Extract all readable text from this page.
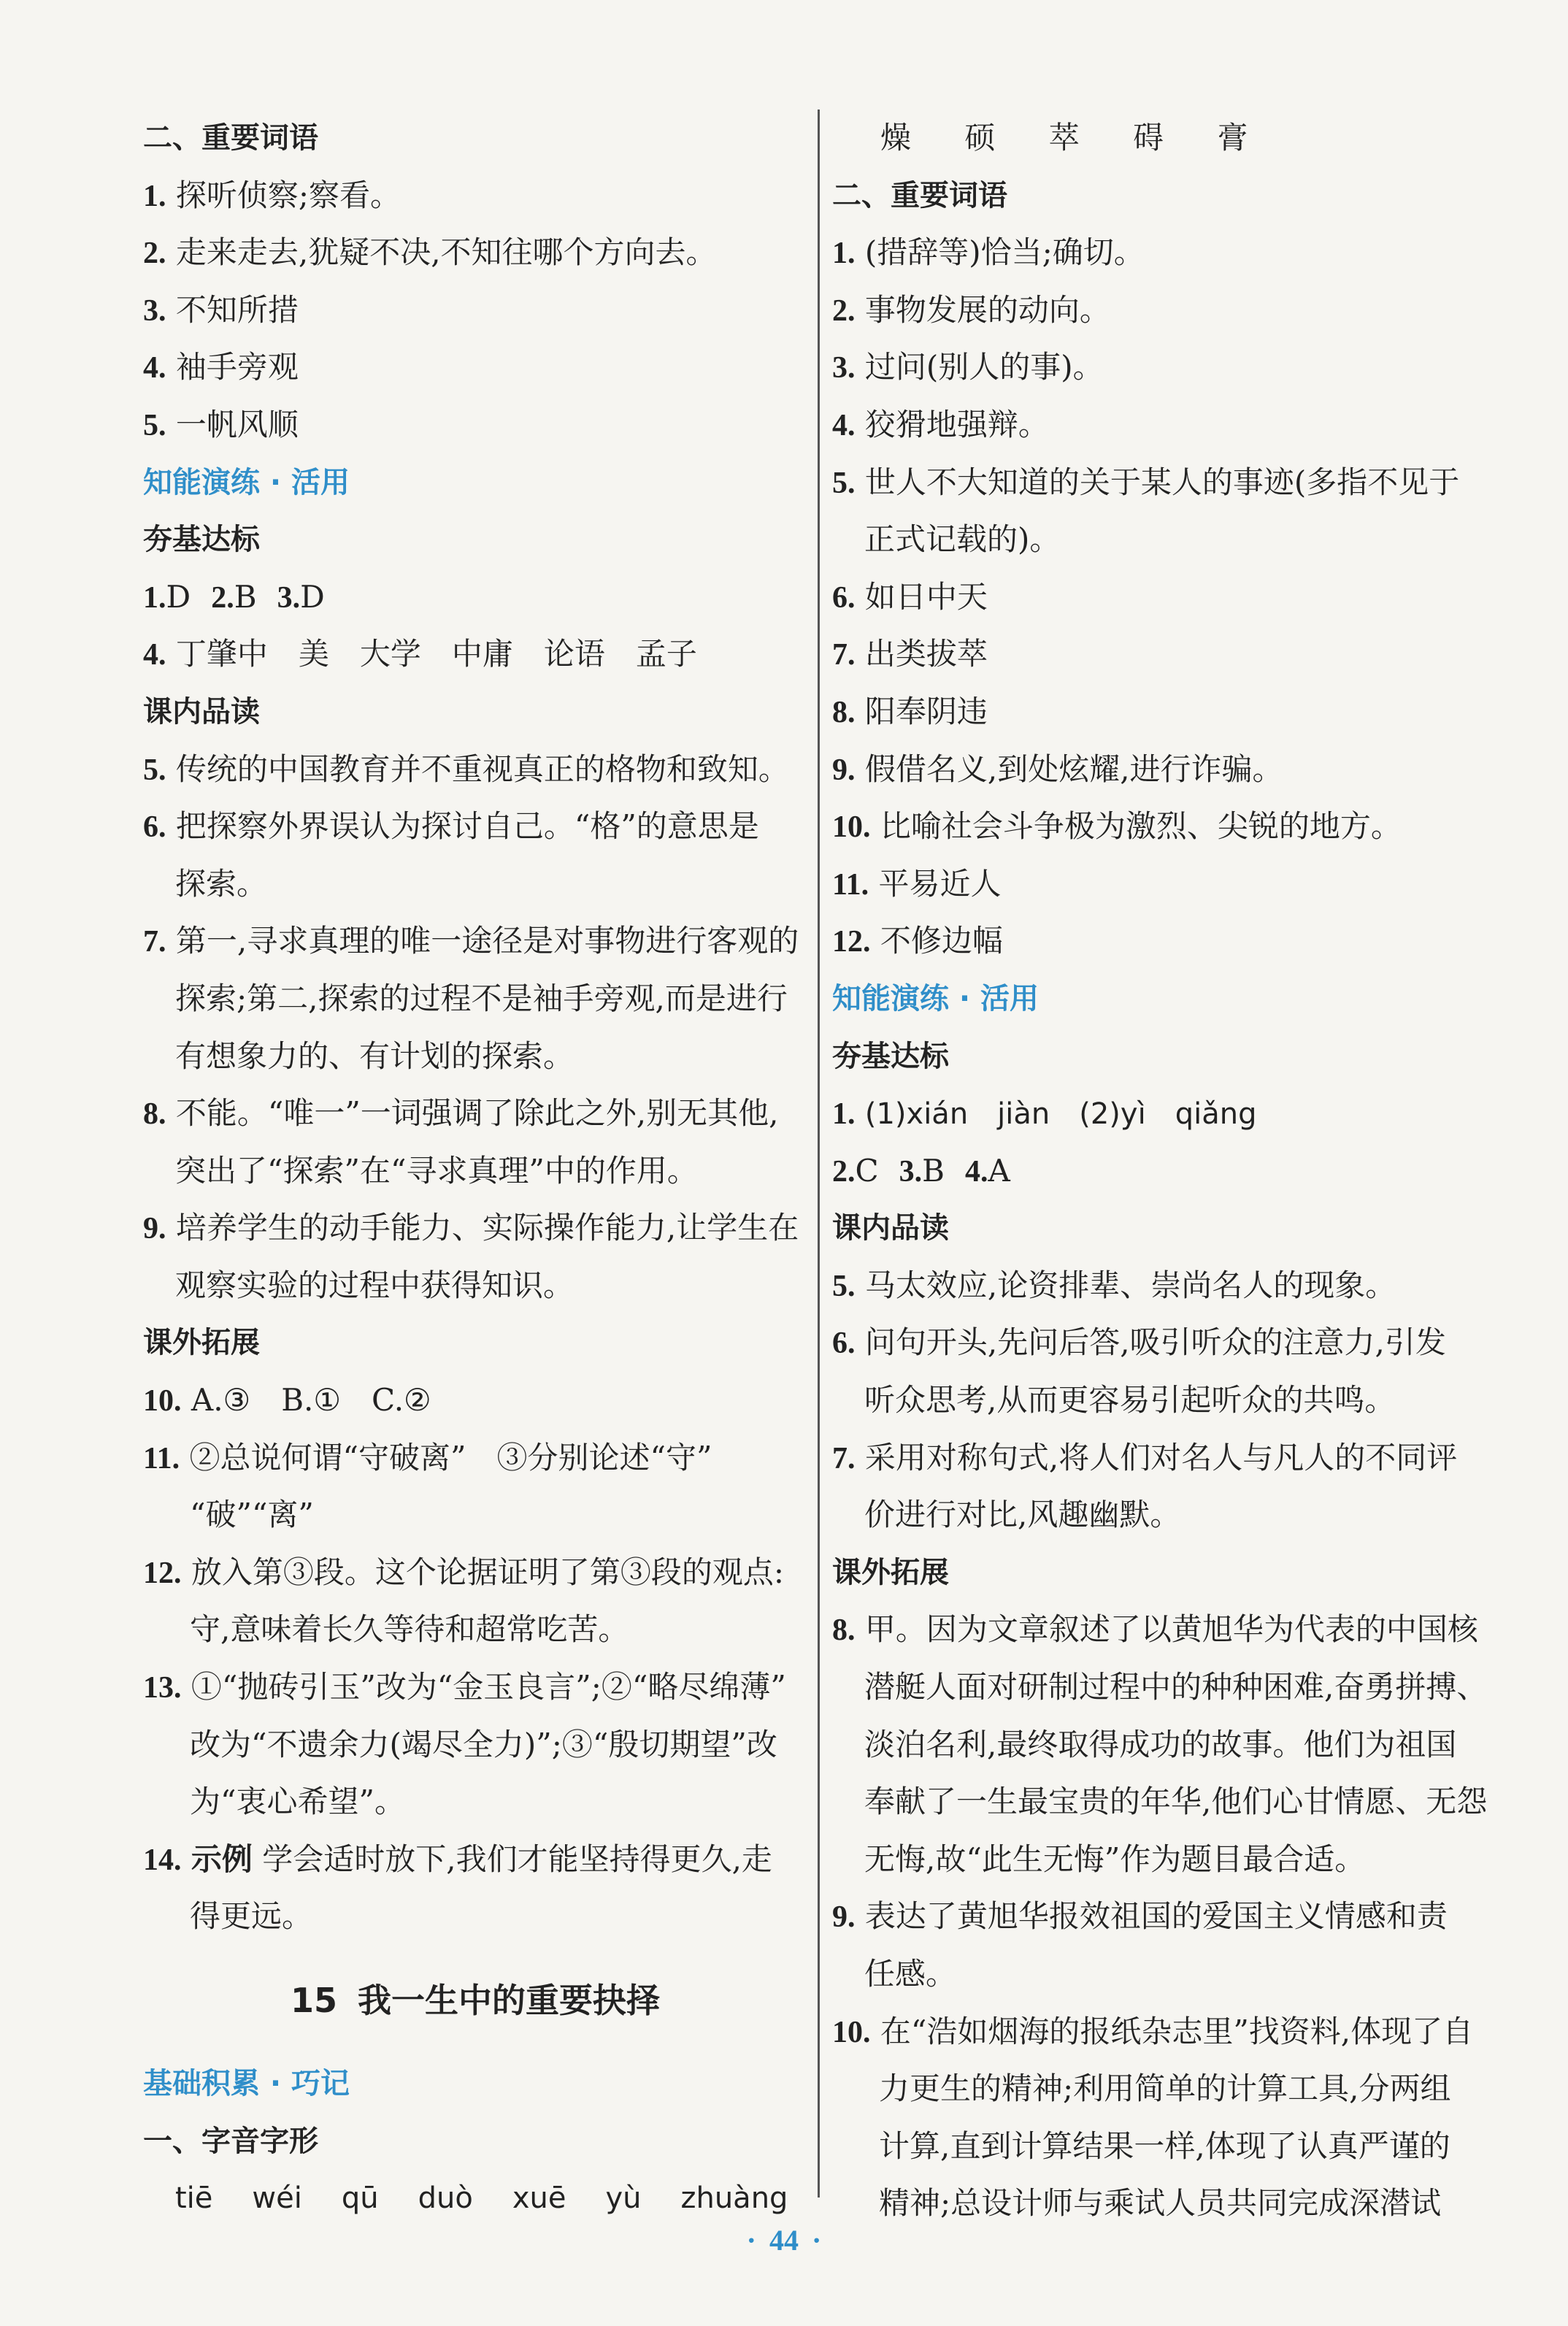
二、重要词语
1. 探听侦察;察看。
2. 走来走去,犹疑不决,不知往哪个方向去。
3. 不知所措
4. 袖手旁观
5. 一帆风顺
知能演练 · 活用
夯基达标
1.D 2.B 3.D
4. 丁肇中　美　大学　中庸　论语　孟子
课内品读
5. 传统的中国教育并不重视真正的格物和致知。
6. 把探察外界误认为探讨自己。“格”的意思是
探索。
7. 第一,寻求真理的唯一途径是对事物进行客观的
探索;第二,探索的过程不是袖手旁观,而是进行
有想象力的、有计划的探索。
8. 不能。“唯一”一词强调了除此之外,别无其他,
突出了“探索”在“寻求真理”中的作用。
9. 培养学生的动手能力、实际操作能力,让学生在
观察实验的过程中获得知识。
课外拓展
10. A.③　B.①　C.②
11. ②总说何谓“守破离”　③分别论述“守”
“破”“离”
12. 放入第③段。这个论据证明了第③段的观点:
守,意味着长久等待和超常吃苦。
13. ①“抛砖引玉”改为“金玉良言”;②“略尽绵薄”
改为“不遗余力(竭尽全力)”;③“殷切期望”改
为“衷心希望”。
14. 示例 学会适时放下,我们才能坚持得更久,走
得更远。
15 我一生中的重要抉择
基础积累 · 巧记
一、字音字形
tiē wéi qū duò xuē yù zhuàng
燥 硕 萃 碍 膏
二、重要词语
1. (措辞等)恰当;确切。
2. 事物发展的动向。
3. 过问(别人的事)。
4. 狡猾地强辩。
5. 世人不大知道的关于某人的事迹(多指不见于
正式记载的)。
6. 如日中天
7. 出类拔萃
8. 阳奉阴违
9. 假借名义,到处炫耀,进行诈骗。
10. 比喻社会斗争极为激烈、尖锐的地方。
11. 平易近人
12. 不修边幅
知能演练 · 活用
夯基达标
1. (1)xián　jiàn　(2)yì　qiǎng
2.C 3.B 4.A
课内品读
5. 马太效应,论资排辈、崇尚名人的现象。
6. 问句开头,先问后答,吸引听众的注意力,引发
听众思考,从而更容易引起听众的共鸣。
7. 采用对称句式,将人们对名人与凡人的不同评
价进行对比,风趣幽默。
课外拓展
8. 甲。因为文章叙述了以黄旭华为代表的中国核
潜艇人面对研制过程中的种种困难,奋勇拼搏、
淡泊名利,最终取得成功的故事。他们为祖国
奉献了一生最宝贵的年华,他们心甘情愿、无怨
无悔,故“此生无悔”作为题目最合适。
9. 表达了黄旭华报效祖国的爱国主义情感和责
任感。
10. 在“浩如烟海的报纸杂志里”找资料,体现了自
力更生的精神;利用简单的计算工具,分两组
计算,直到计算结果一样,体现了认真严谨的
精神;总设计师与乘试人员共同完成深潜试
· 44 ·
